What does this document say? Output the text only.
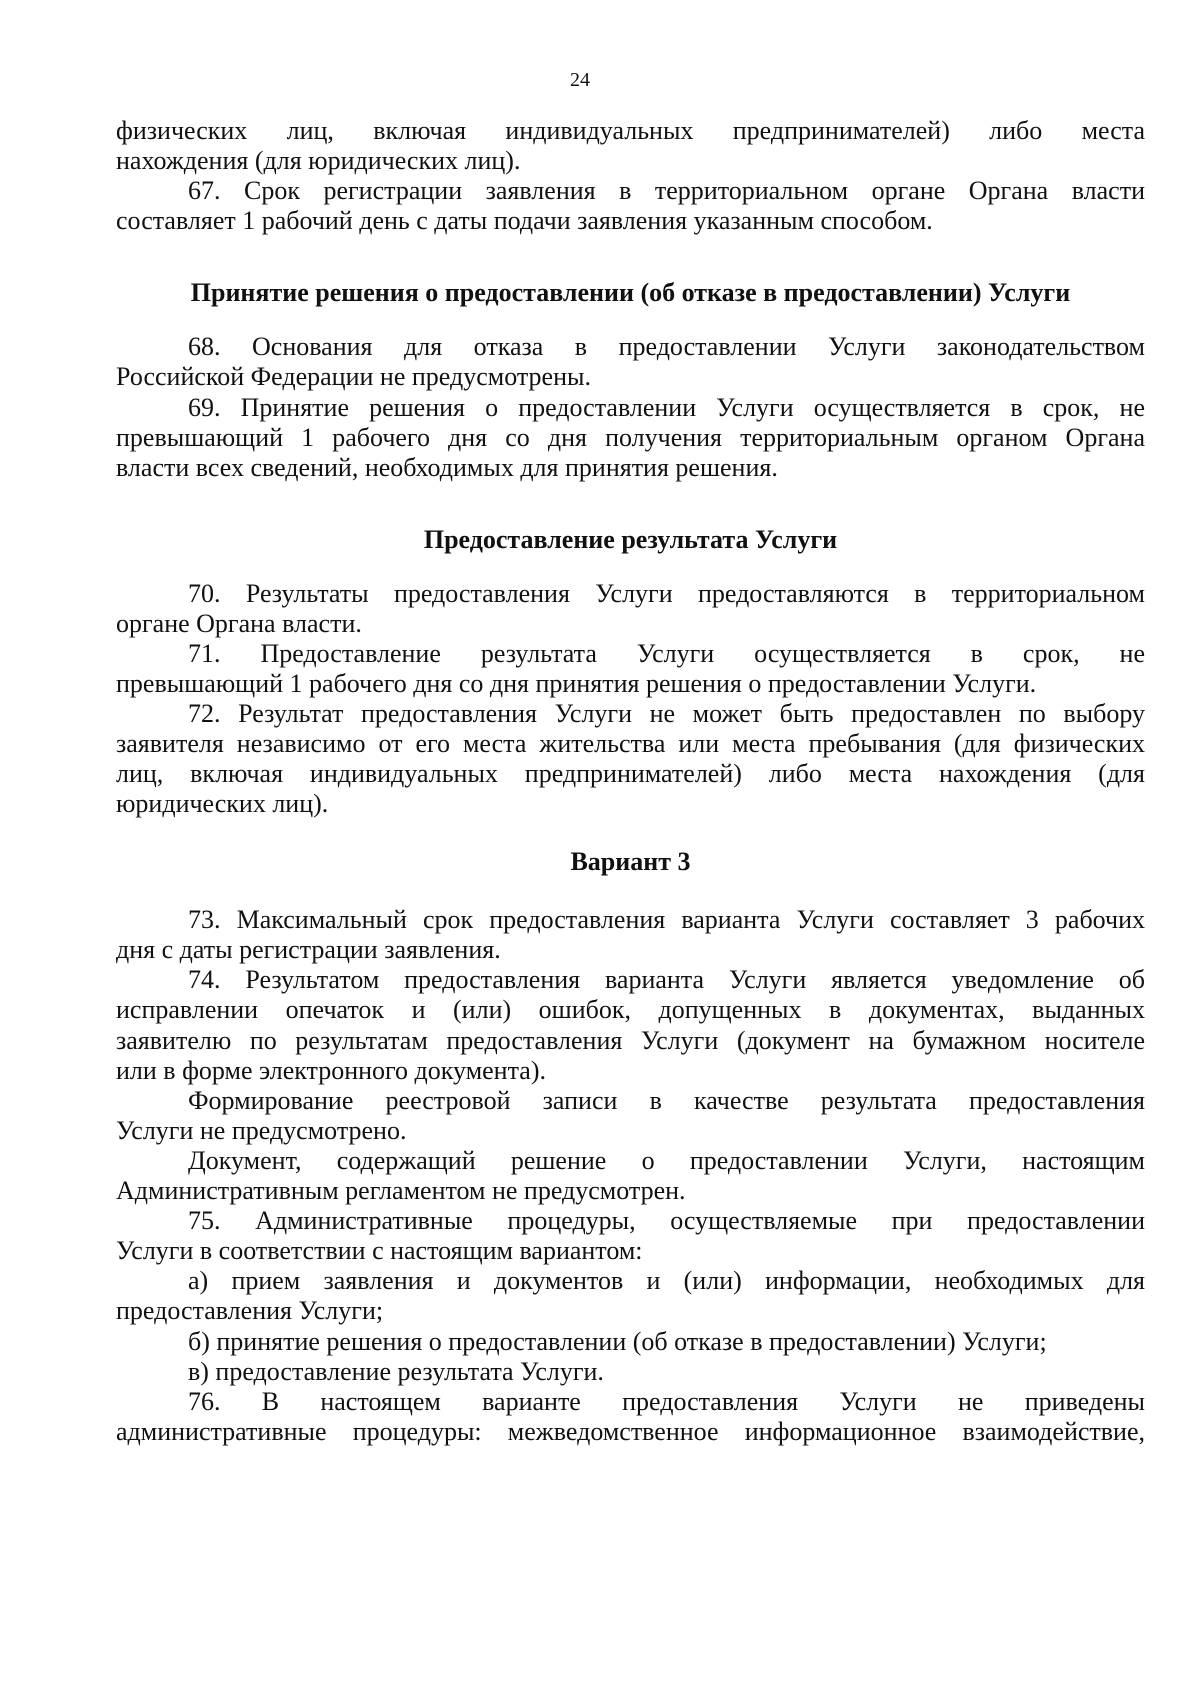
24
физических лиц, включая индивидуальных предпринимателей) либо места
нахождения (для юридических лиц).
67. Срок регистрации заявления в территориальном органе Органа власти
составляет 1 рабочий день с даты подачи заявления указанным способом.
Принятие решения о предоставлении (об отказе в предоставлении) Услуги
68. Основания для отказа в предоставлении Услуги законодательством
Российской Федерации не предусмотрены.
69. Принятие решения о предоставлении Услуги осуществляется в срок, не
превышающий 1 рабочего дня со дня получения территориальным органом Органа
власти всех сведений, необходимых для принятия решения.
Предоставление результата Услуги
70. Результаты предоставления Услуги предоставляются в территориальном
органе Органа власти.
71. Предоставление результата Услуги осуществляется в срок, не
превышающий 1 рабочего дня со дня принятия решения о предоставлении Услуги.
72. Результат предоставления Услуги не может быть предоставлен по выбору
заявителя независимо от его места жительства или места пребывания (для физических
лиц, включая индивидуальных предпринимателей) либо места нахождения (для
юридических лиц).
Вариант 3
73. Максимальный срок предоставления варианта Услуги составляет 3 рабочих
дня с даты регистрации заявления.
74. Результатом предоставления варианта Услуги является уведомление об
исправлении опечаток и (или) ошибок, допущенных в документах, выданных
заявителю по результатам предоставления Услуги (документ на бумажном носителе
или в форме электронного документа).
Формирование реестровой записи в качестве результата предоставления
Услуги не предусмотрено.
Документ, содержащий решение о предоставлении Услуги, настоящим
Административным регламентом не предусмотрен.
75. Административные процедуры, осуществляемые при предоставлении
Услуги в соответствии с настоящим вариантом:
а) прием заявления и документов и (или) информации, необходимых для
предоставления Услуги;
б) принятие решения о предоставлении (об отказе в предоставлении) Услуги;
в) предоставление результата Услуги.
76. В настоящем варианте предоставления Услуги не приведены
административные процедуры: межведомственное информационное взаимодействие,
